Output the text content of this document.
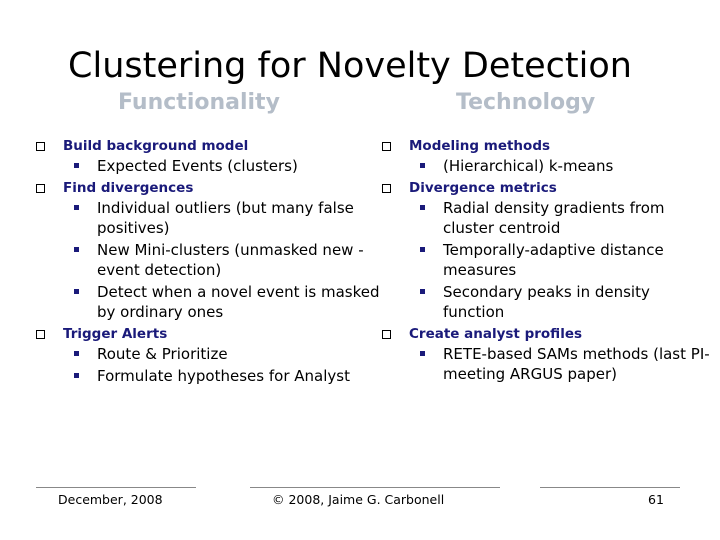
Clustering for Novelty Detection
Functionality	Technology
Build background model
Expected Events (clusters)
Find divergences
Individual outliers (but many false positives)
New Mini-clusters (unmasked new -event detection)
Detect when a novel event is masked by ordinary ones
Trigger Alerts
Route & Prioritize
Formulate hypotheses for Analyst
Modeling methods
(Hierarchical) k-means
Divergence metrics
Radial density gradients from cluster centroid
Temporally-adaptive distance measures
Secondary peaks in density function
Create analyst profiles
RETE-based SAMs methods (last PI-meeting ARGUS paper)
December, 2008	© 2008, Jaime G. Carbonell	61
